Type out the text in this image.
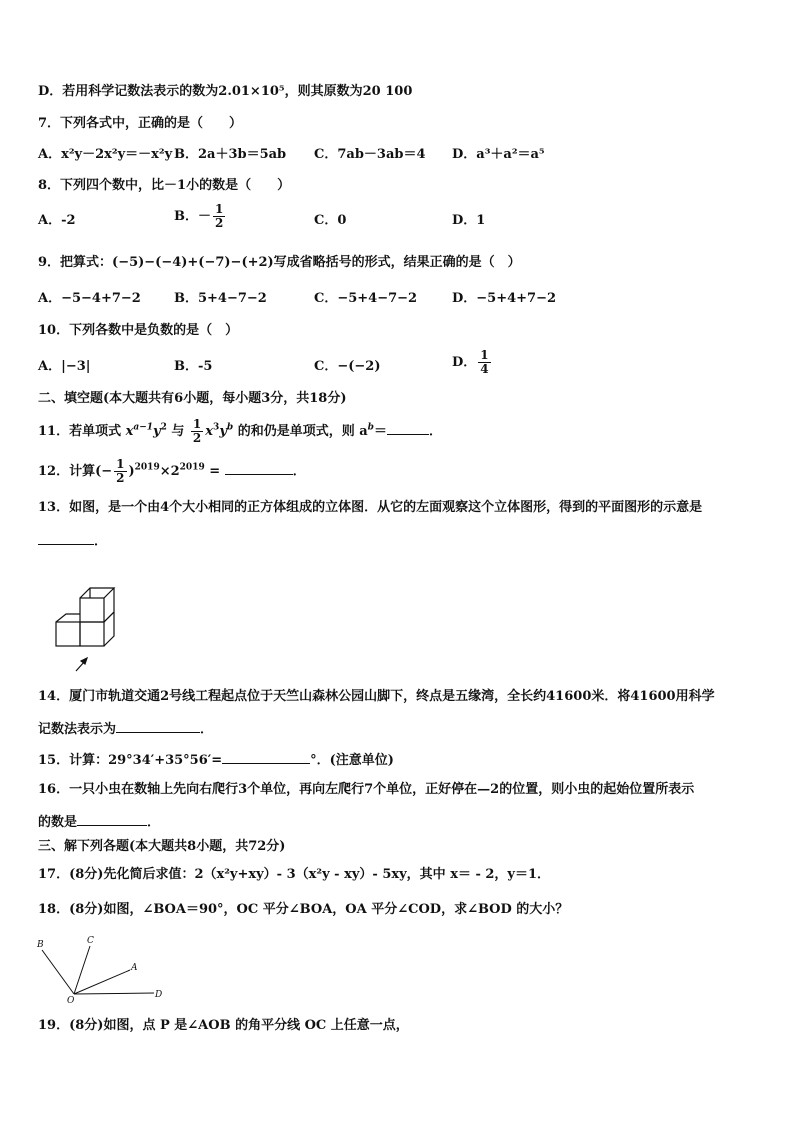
D．若用科学记数法表示的数为2.01×10⁵，则其原数为20 100
7．下列各式中，正确的是（　　）
A．x²y－2x²y＝－x²y B．2a＋3b＝5ab C．7ab－3ab＝4 D．a³＋a²＝a⁵
8．下列四个数中，比－1小的数是（　　）
A．-2	B．－ $\frac{1}{2}$	C．0	D．1
9．把算式：(−5)−(−4)+(−7)−(+2)写成省略括号的形式，结果正确的是（　）
A．−5−4+7−2	B．5+4−7−2	C．−5+4−7−2	D．−5+4+7−2
10．下列各数中是负数的是（　）
A．|−3|	B．-5	C．−(−2)	D． $\frac{1}{4}$
二、填空题(本大题共有6小题，每小题3分，共18分)
11．若单项式 $x^{a-1}y^2$ 与 $\frac{1}{2} x^3y^b$ 的和仍是单项式，则 $a^b=$	．
12．计算(− $\frac{1}{2} )^{2019}\times 2^{2019}$ =	．
13．如图，是一个由4个大小相同的正方体组成的立体图．从它的左面观察这个立体图形，得到的平面图形的示意是
．
14．厦门市轨道交通2号线工程起点位于天竺山森林公园山脚下，终点是五缘湾，全长约41600米．将41600用科学
记数法表示为	．
15．计算：29°34′+35°56′=	°．(注意单位)
16．一只小虫在数轴上先向右爬行3个单位，再向左爬行7个单位，正好停在—2的位置，则小虫的起始位置所表示
的数是	．
三、解下列各题(本大题共8小题，共72分)
17．(8分)先化简后求值：2（x²y+xy）- 3（x²y - xy）- 5xy，其中 x＝ - 2，y＝1．
18．(8分)如图，∠BOA＝90°，OC 平分∠BOA，OA 平分∠COD，求∠BOD 的大小？
B	C
A
O
D
19．(8分)如图，点 P 是∠AOB 的角平分线 OC 上任意一点，
